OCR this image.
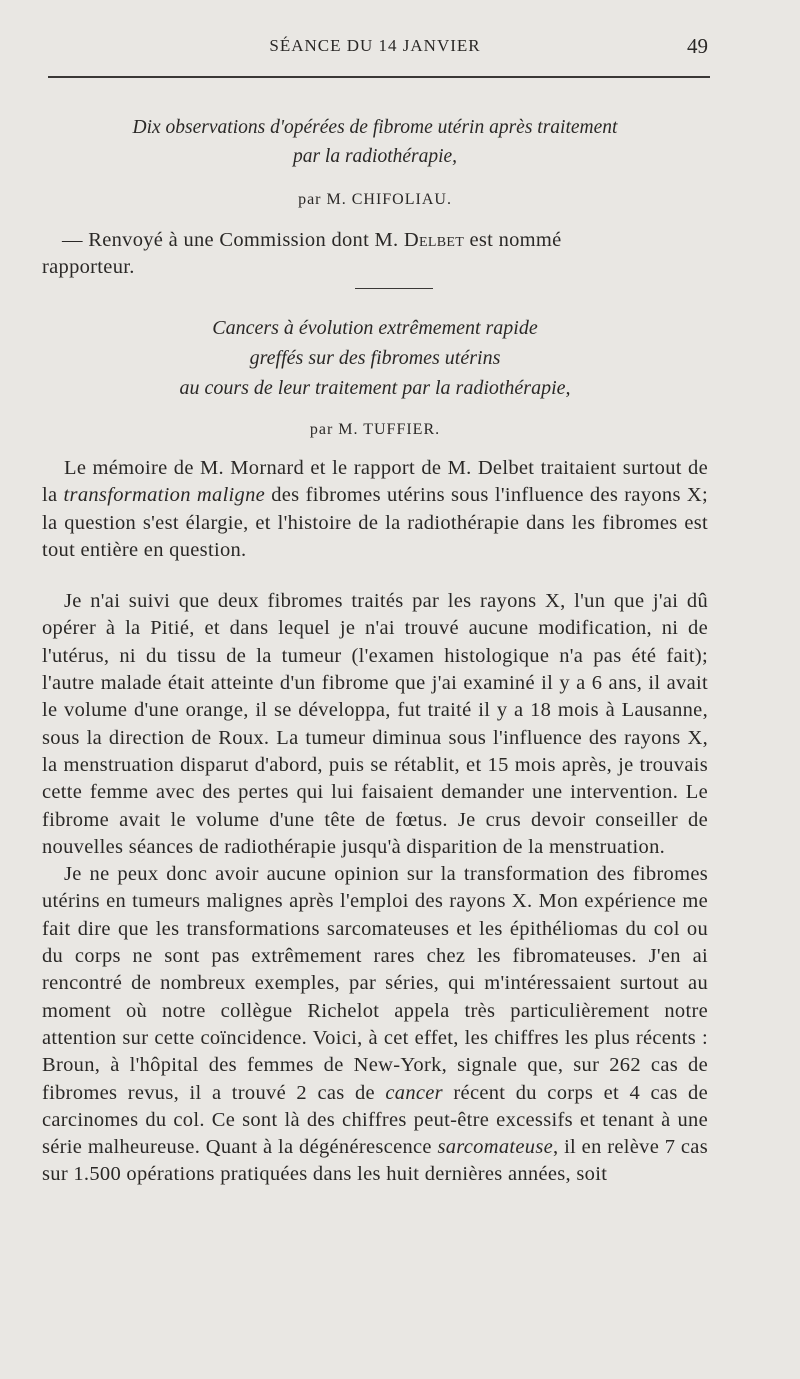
SÉANCE DU 14 JANVIER	49
Dix observations d'opérées de fibrome utérin après traitement
par la radiothérapie,
par M. CHIFOLIAU.

— Renvoyé à une Commission dont M. Delbet est nommé
rapporteur.

Cancers à évolution extrêmement rapide
greffés sur des fibromes utérins
au cours de leur traitement par la radiothérapie,
par M. TUFFIER.

Le mémoire de M. Mornard et le rapport de M. Delbet traitaient surtout de la transformation maligne des fibromes utérins sous l'influence des rayons X; la question s'est élargie, et l'histoire de la radiothérapie dans les fibromes est tout entière en question.

Je n'ai suivi que deux fibromes traités par les rayons X, l'un que j'ai dû opérer à la Pitié, et dans lequel je n'ai trouvé aucune modification, ni de l'utérus, ni du tissu de la tumeur (l'examen histologique n'a pas été fait); l'autre malade était atteinte d'un fibrome que j'ai examiné il y a 6 ans, il avait le volume d'une orange, il se développa, fut traité il y a 18 mois à Lausanne, sous la direction de Roux. La tumeur diminua sous l'influence des rayons X, la menstruation disparut d'abord, puis se rétablit, et 15 mois après, je trouvais cette femme avec des pertes qui lui faisaient demander une intervention. Le fibrome avait le volume d'une tête de fœtus. Je crus devoir conseiller de nouvelles séances de radiothérapie jusqu'à disparition de la menstruation.

Je ne peux donc avoir aucune opinion sur la transformation des fibromes utérins en tumeurs malignes après l'emploi des rayons X. Mon expérience me fait dire que les transformations sarcomateuses et les épithéliomas du col ou du corps ne sont pas extrêmement rares chez les fibromateuses. J'en ai rencontré de nombreux exemples, par séries, qui m'intéressaient surtout au moment où notre collègue Richelot appela très particulièrement notre attention sur cette coïncidence. Voici, à cet effet, les chiffres les plus récents : Broun, à l'hôpital des femmes de New-York, signale que, sur 262 cas de fibromes revus, il a trouvé 2 cas de cancer récent du corps et 4 cas de carcinomes du col. Ce sont là des chiffres peut-être excessifs et tenant à une série malheureuse. Quant à la dégénérescence sarcomateuse, il en relève 7 cas sur 1.500 opérations pratiquées dans les huit dernières années, soit
